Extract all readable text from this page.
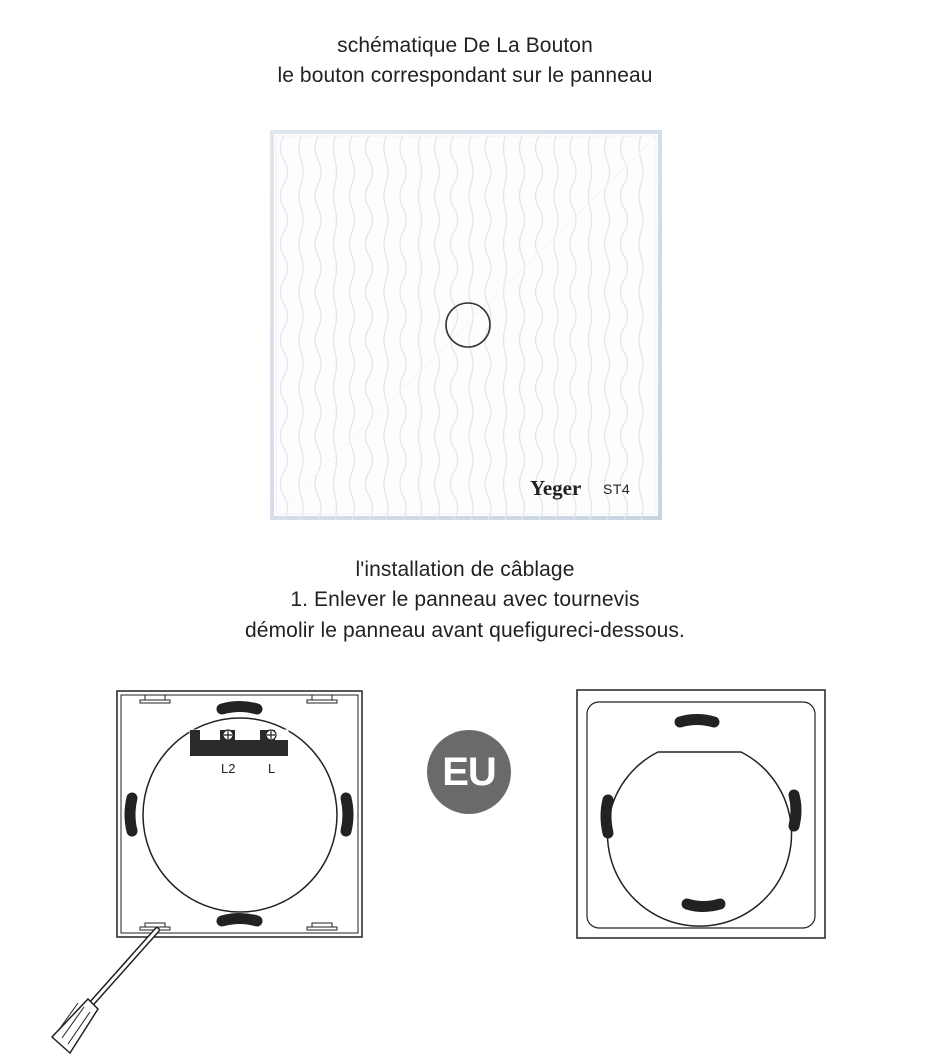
schématique De La Bouton
le bouton correspondant sur le panneau
Yeger ST4
l'installation de câblage
1. Enlever le panneau avec tournevis
démolir le panneau avant quefigureci-dessous.
L2	L	EU
